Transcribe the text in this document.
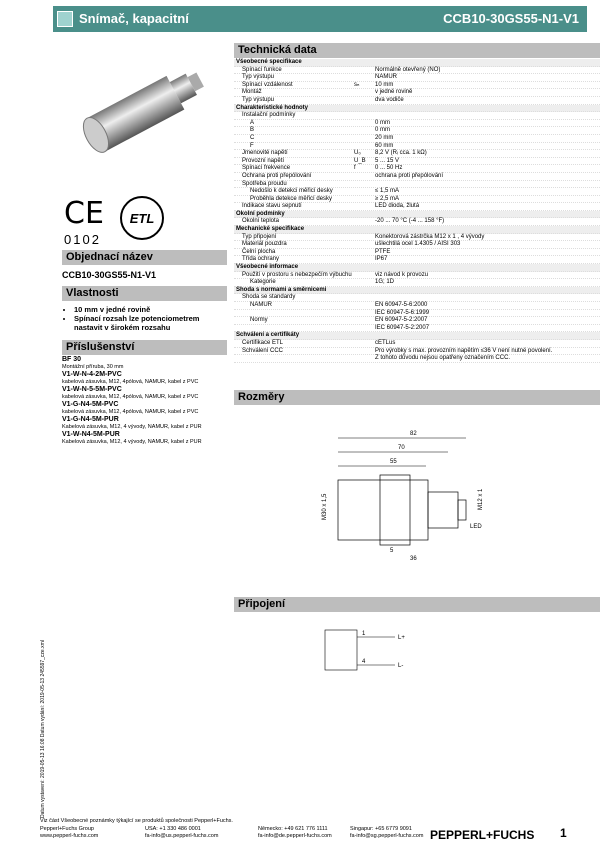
Snímač, kapacitní	CCB10-30GS55-N1-V1
CE
0102
ETL
Objednací název
CCB10-30GS55-N1-V1
Vlastnosti
• 10 mm v jedné rovině
• Spínací rozsah lze potenciometrem nastavit v širokém rozsahu
Příslušenství
BF 30
Montážní příruba, 30 mm
V1-W-N-4-2M-PVC
kabelová zásuvka, M12, 4pólová, NAMUR, kabel z PVC
V1-W-N-5-5M-PVC
kabelová zásuvka, M12, 4pólová, NAMUR, kabel z PVC
V1-G-N4-5M-PVC
kabelová zásuvka, M12, 4pólová, NAMUR, kabel z PVC
V1-G-N4-5M-PUR
Kabelová zásuvka, M12, 4 vývody, NAMUR, kabel z PUR
V1-W-N4-5M-PUR
Kabelová zásuvka, M12, 4 vývody, NAMUR, kabel z PUR
Datum vystavení: 2019-05-13 16:08 Datum vydání: 2019-05-13 245597_cze.xml
Technická data
Všeobecné specifikace
Spínací funkce	Normálně otevřený (NO)
Typ výstupu	NAMUR
Spínací vzdálenost	sₙ	10 mm
Montáž	v jedné rovině
Typ výstupu	dva vodiče
Charakteristické hodnoty
Instalační podmínky
A	0 mm
B	0 mm
C	20 mm
F	60 mm
Jmenovité napětí	U₀ 8,2 V (Rᵢ cca. 1 kΩ)
Provozní napětí	U_B 5 ... 15 V
Spínací frekvence	f	0 ... 50 Hz
Ochrana proti přepólování	ochrana proti přepólování
Spotřeba proudu
Nedošlo k detekci měřicí desky	≤ 1,5 mA
Proběhla detekce měřicí desky	≥ 2,5 mA
Indikace stavu sepnutí	LED dioda, žlutá
Okolní podmínky
Okolní teplota	-20 ... 70 °C (-4 ... 158 °F)
Mechanické specifikace
Typ připojení	Konektorová zástrčka M12 x 1 , 4 vývody
Materiál pouzdra	ušlechtilá ocel 1.4305 / AISI 303
Čelní plocha	PTFE
Třída ochrany	IP67
Všeobecné informace
Použití v prostoru s nebezpečím výbuchu	viz návod k provozu
Kategorie	1G; 1D
Shoda s normami a směrnicemi
Shoda se standardy
NAMUR	EN 60947-5-6:2000
IEC 60947-5-6:1999
Normy	EN 60947-5-2:2007
IEC 60947-5-2:2007
Schválení a certifikáty
Certifikace ETL	cETLus
Schválení CCC	Pro výrobky s max. provozním napětím ≤36 V není nutné povolení.
Z tohoto důvodu nejsou opatřeny označením CCC.
Rozměry
82
70
55
M30 x 1,5	M12 x 1
5
36
LED
Připojení
1
4
L+
L-
Viz část Všeobecné poznámky týkající se produktů společnosti Pepperl+Fuchs.
Pepperl+Fuchs Group
www.pepperl-fuchs.com
USA: +1 330 486 0001
fa-info@us.pepperl-fuchs.com
Německo: +49 621 776 1111
fa-info@de.pepperl-fuchs.com
Singapur: +65 6779 9091
fa-info@sg.pepperl-fuchs.com PEPPERL+FUCHS 1
